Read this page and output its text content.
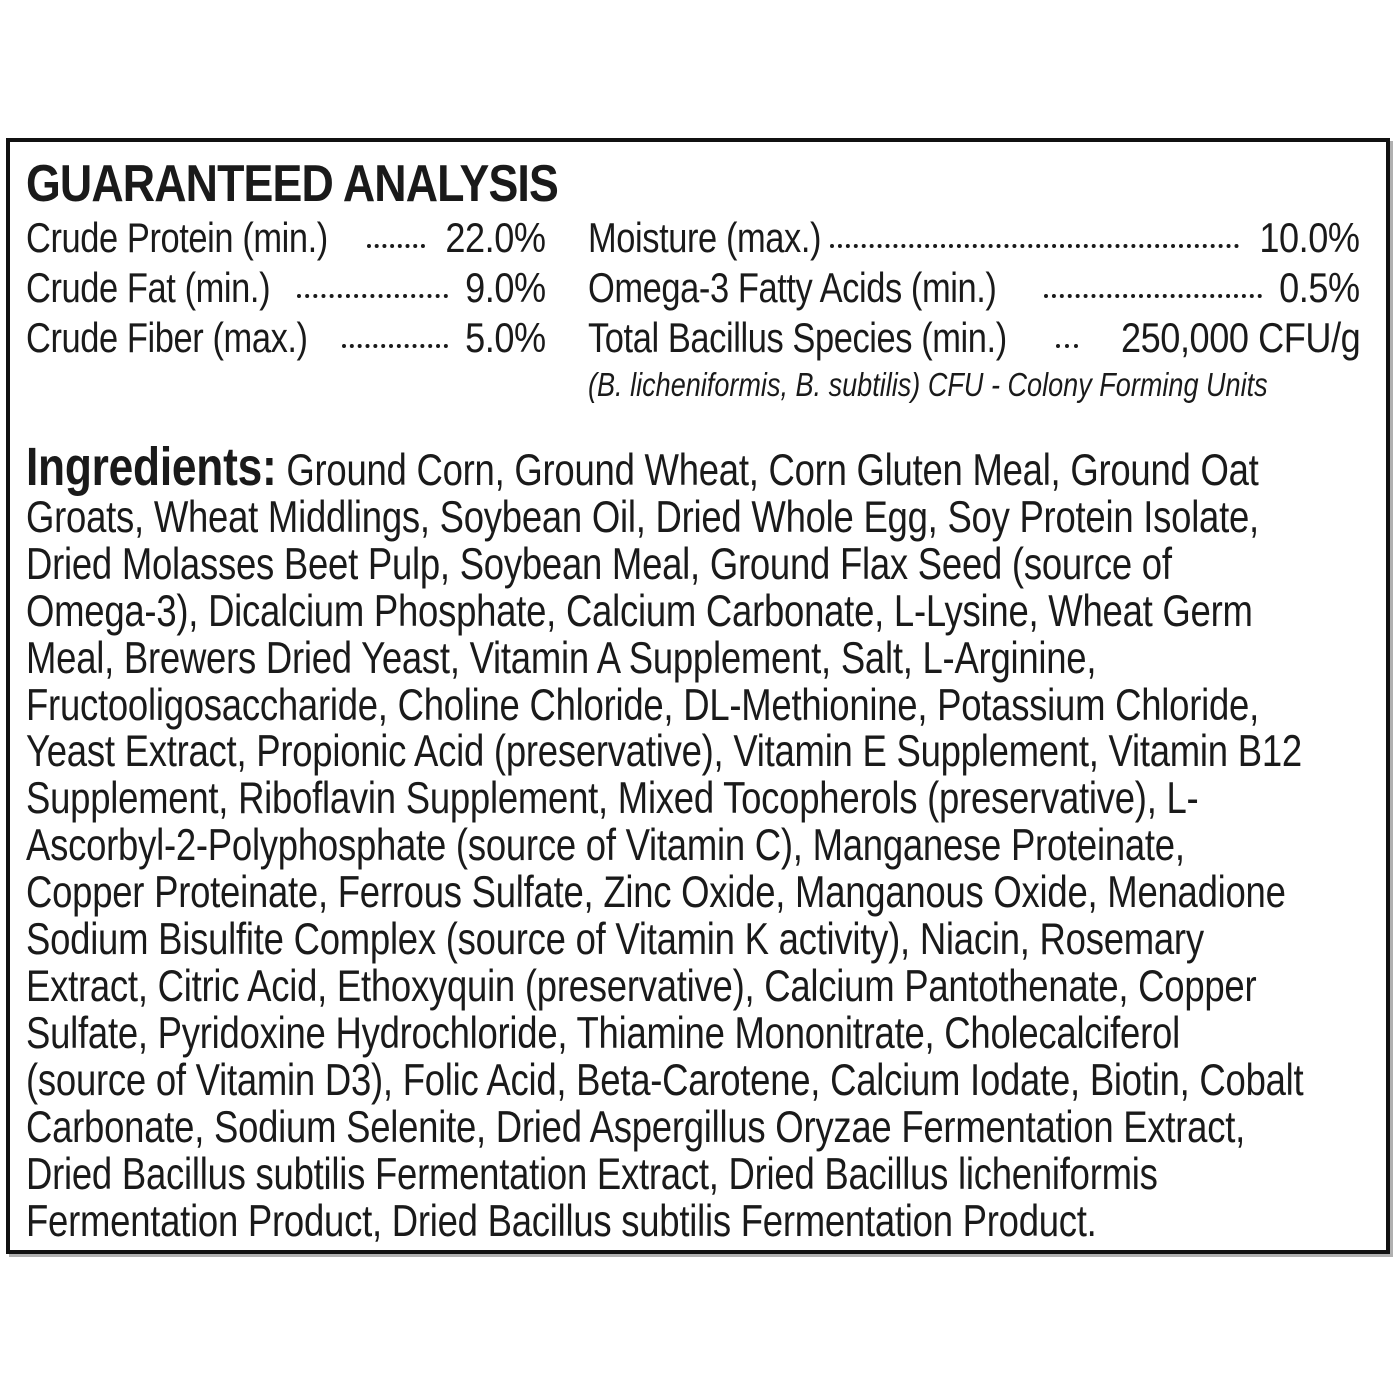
GUARANTEED ANALYSIS
Crude Protein (min.)	22.0%
Crude Fat (min.)	9.0%
Crude Fiber (max.)	5.0%
Moisture (max.)	10.0%
Omega-3 Fatty Acids (min.)	0.5%
Total Bacillus Species (min.)	250,000 CFU/g
(B. licheniformis, B. subtilis) CFU - Colony Forming Units

Ingredients: Ground Corn, Ground Wheat, Corn Gluten Meal, Ground Oat Groats, Wheat Middlings, Soybean Oil, Dried Whole Egg, Soy Protein Isolate, Dried Molasses Beet Pulp, Soybean Meal, Ground Flax Seed (source of Omega-3), Dicalcium Phosphate, Calcium Carbonate, L-Lysine, Wheat Germ Meal, Brewers Dried Yeast, Vitamin A Supplement, Salt, L-Arginine, Fructooligosaccharide, Choline Chloride, DL-Methionine, Potassium Chloride, Yeast Extract, Propionic Acid (preservative), Vitamin E Supplement, Vitamin B12 Supplement, Riboflavin Supplement, Mixed Tocopherols (preservative), L-Ascorbyl-2-Polyphosphate (source of Vitamin C), Manganese Proteinate, Copper Proteinate, Ferrous Sulfate, Zinc Oxide, Manganous Oxide, Menadione Sodium Bisulfite Complex (source of Vitamin K activity), Niacin, Rosemary Extract, Citric Acid, Ethoxyquin (preservative), Calcium Pantothenate, Copper Sulfate, Pyridoxine Hydrochloride, Thiamine Mononitrate, Cholecalciferol (source of Vitamin D3), Folic Acid, Beta-Carotene, Calcium Iodate, Biotin, Cobalt Carbonate, Sodium Selenite, Dried Aspergillus Oryzae Fermentation Extract, Dried Bacillus subtilis Fermentation Extract, Dried Bacillus licheniformis Fermentation Product, Dried Bacillus subtilis Fermentation Product.
